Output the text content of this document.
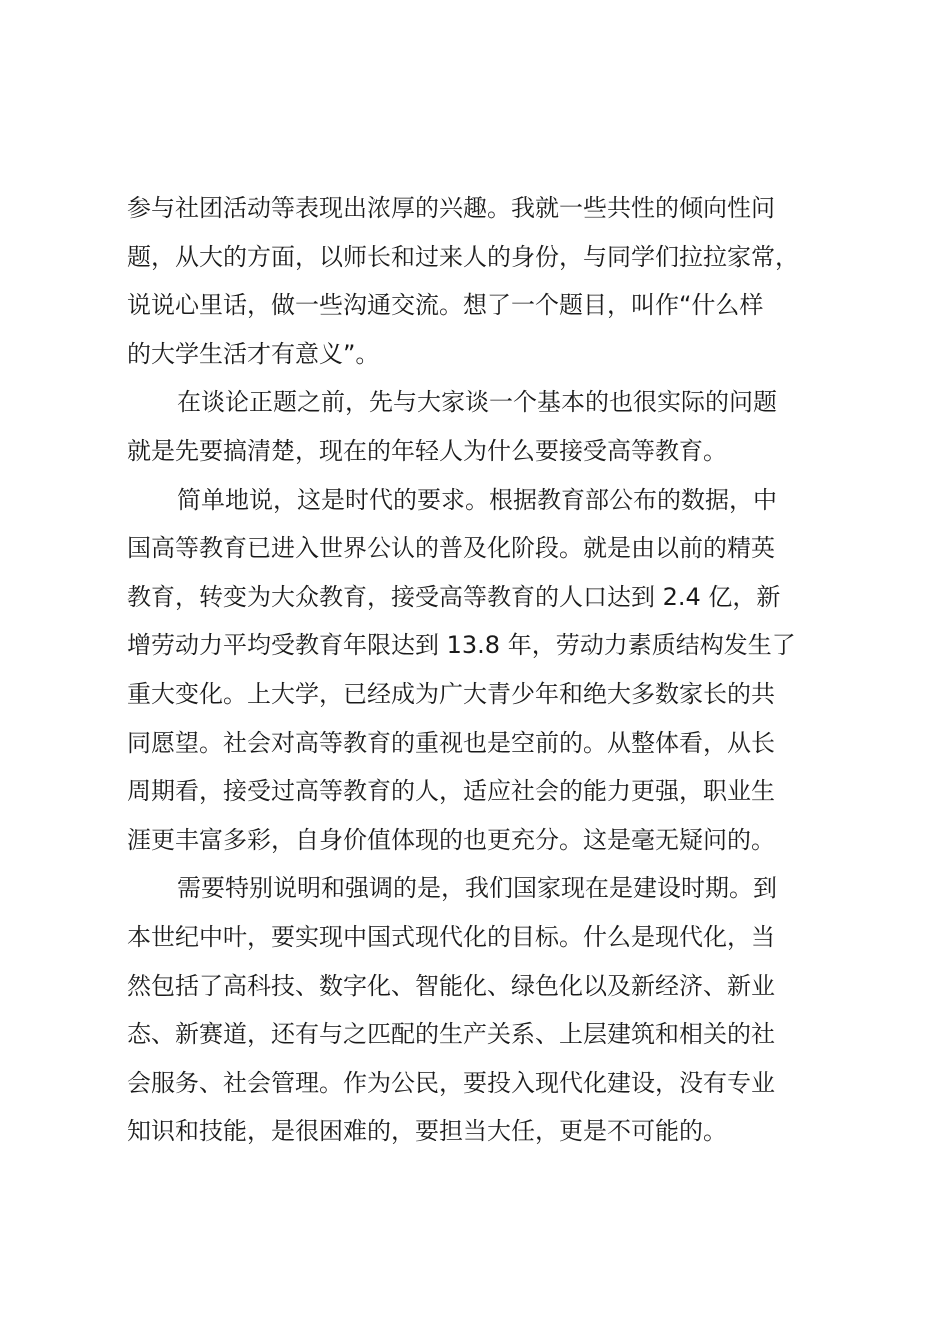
参与社团活动等表现出浓厚的兴趣。我就一些共性的倾向性问
题，从大的方面，以师长和过来人的身份，与同学们拉拉家常，
说说心里话，做一些沟通交流。想了一个题目，叫作“什么样
的大学生活才有意义”。
在谈论正题之前，先与大家谈一个基本的也很实际的问题
就是先要搞清楚，现在的年轻人为什么要接受高等教育。
简单地说，这是时代的要求。根据教育部公布的数据，中
国高等教育已进入世界公认的普及化阶段。就是由以前的精英
教育，转变为大众教育，接受高等教育的人口达到 2.4 亿，新
增劳动力平均受教育年限达到 13.8 年，劳动力素质结构发生了
重大变化。上大学，已经成为广大青少年和绝大多数家长的共
同愿望。社会对高等教育的重视也是空前的。从整体看，从长
周期看，接受过高等教育的人，适应社会的能力更强，职业生
涯更丰富多彩，自身价值体现的也更充分。这是毫无疑问的。
需要特别说明和强调的是，我们国家现在是建设时期。到
本世纪中叶，要实现中国式现代化的目标。什么是现代化，当
然包括了高科技、数字化、智能化、绿色化以及新经济、新业
态、新赛道，还有与之匹配的生产关系、上层建筑和相关的社
会服务、社会管理。作为公民，要投入现代化建设，没有专业
知识和技能，是很困难的，要担当大任，更是不可能的。
